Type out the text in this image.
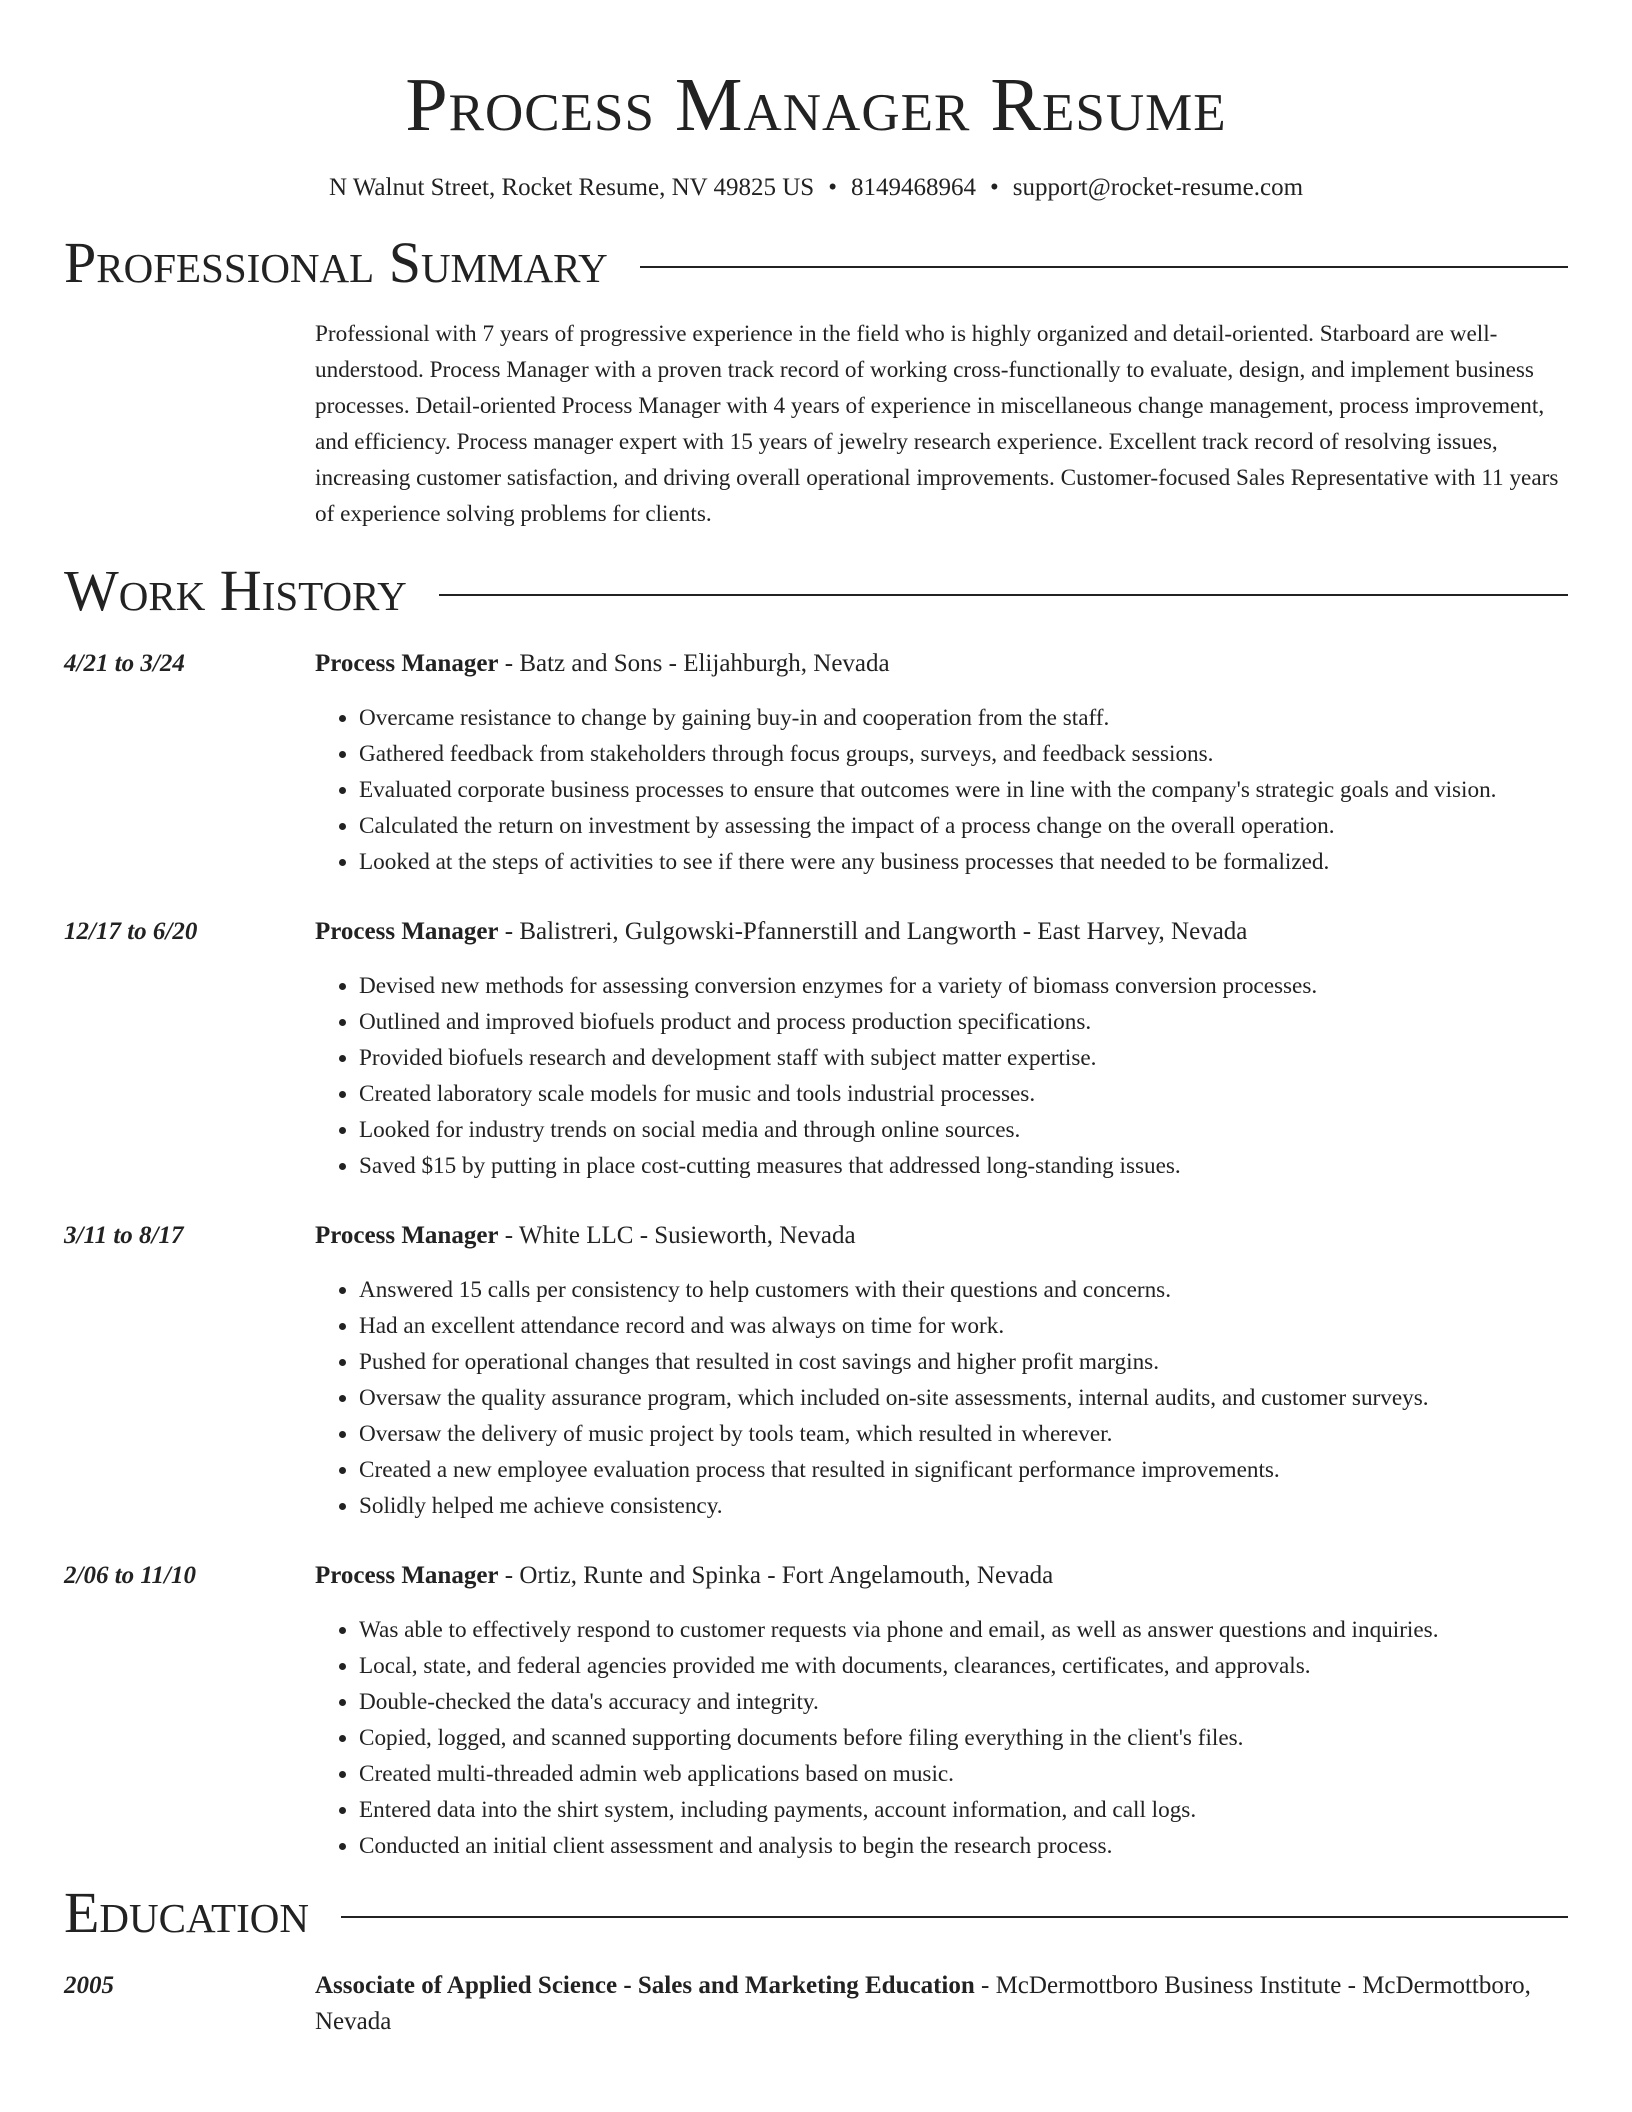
Process Manager Resume
N Walnut Street, Rocket Resume, NV 49825 US • 8149468964 • support@rocket-resume.com
Professional Summary
Professional with 7 years of progressive experience in the field who is highly organized and detail-oriented. Starboard are well-understood. Process Manager with a proven track record of working cross-functionally to evaluate, design, and implement business processes. Detail-oriented Process Manager with 4 years of experience in miscellaneous change management, process improvement, and efficiency. Process manager expert with 15 years of jewelry research experience. Excellent track record of resolving issues, increasing customer satisfaction, and driving overall operational improvements. Customer-focused Sales Representative with 11 years of experience solving problems for clients.
Work History
4/21 to 3/24	Process Manager - Batz and Sons - Elijahburgh, Nevada
• Overcame resistance to change by gaining buy-in and cooperation from the staff.
• Gathered feedback from stakeholders through focus groups, surveys, and feedback sessions.
• Evaluated corporate business processes to ensure that outcomes were in line with the company's strategic goals and vision.
• Calculated the return on investment by assessing the impact of a process change on the overall operation.
• Looked at the steps of activities to see if there were any business processes that needed to be formalized.
12/17 to 6/20	Process Manager - Balistreri, Gulgowski-Pfannerstill and Langworth - East Harvey, Nevada
• Devised new methods for assessing conversion enzymes for a variety of biomass conversion processes.
• Outlined and improved biofuels product and process production specifications.
• Provided biofuels research and development staff with subject matter expertise.
• Created laboratory scale models for music and tools industrial processes.
• Looked for industry trends on social media and through online sources.
• Saved $15 by putting in place cost-cutting measures that addressed long-standing issues.
3/11 to 8/17	Process Manager - White LLC - Susieworth, Nevada
• Answered 15 calls per consistency to help customers with their questions and concerns.
• Had an excellent attendance record and was always on time for work.
• Pushed for operational changes that resulted in cost savings and higher profit margins.
• Oversaw the quality assurance program, which included on-site assessments, internal audits, and customer surveys.
• Oversaw the delivery of music project by tools team, which resulted in wherever.
• Created a new employee evaluation process that resulted in significant performance improvements.
• Solidly helped me achieve consistency.
2/06 to 11/10	Process Manager - Ortiz, Runte and Spinka - Fort Angelamouth, Nevada
• Was able to effectively respond to customer requests via phone and email, as well as answer questions and inquiries.
• Local, state, and federal agencies provided me with documents, clearances, certificates, and approvals.
• Double-checked the data's accuracy and integrity.
• Copied, logged, and scanned supporting documents before filing everything in the client's files.
• Created multi-threaded admin web applications based on music.
• Entered data into the shirt system, including payments, account information, and call logs.
• Conducted an initial client assessment and analysis to begin the research process.
Education
2005	Associate of Applied Science - Sales and Marketing Education - McDermottboro Business Institute - McDermottboro, Nevada
